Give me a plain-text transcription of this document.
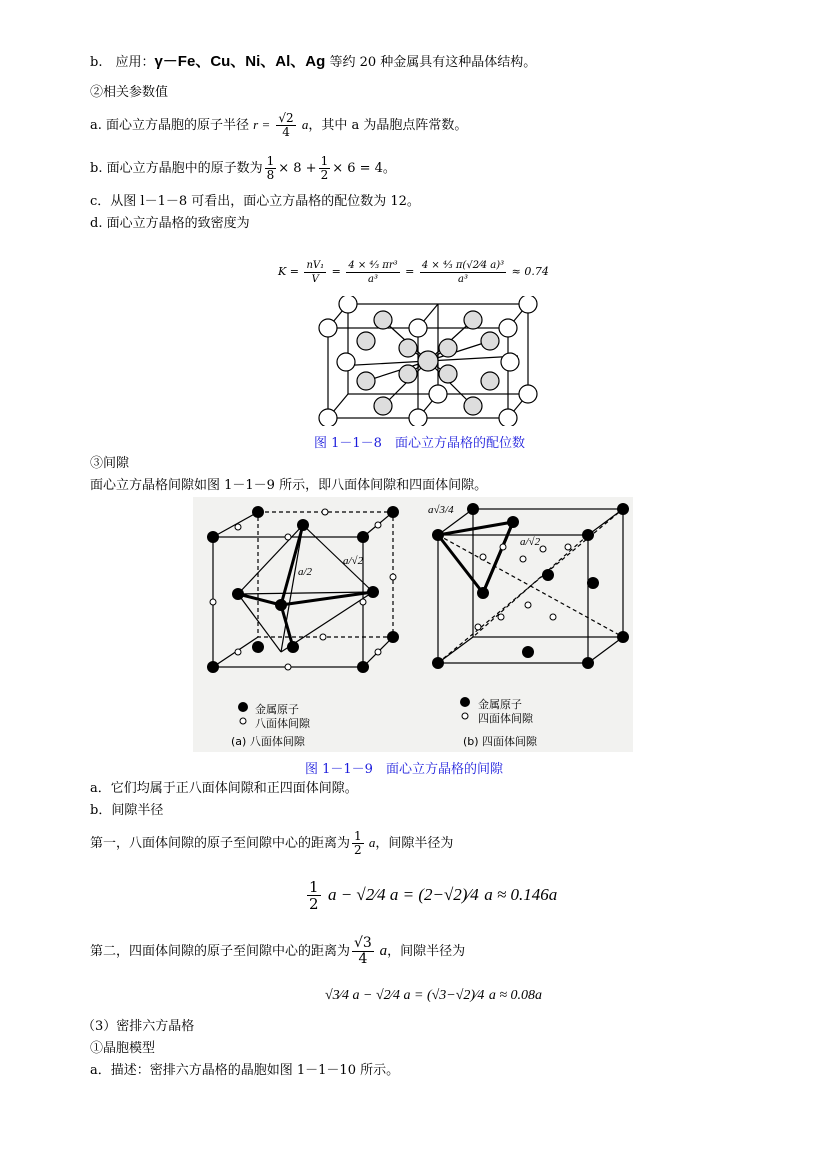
b.　应用：γ－Fe、Cu、Ni、Al、Ag 等约 20 种金属具有这种晶体结构。
②相关参数值
a. 面心立方晶胞的原子半径 $r = \frac{√2}{4}$ a，其中 a 为晶胞点阵常数。
b. 面心立方晶胞中的原子数为 $\frac{1}{8} \times 8 + \frac{1}{2} \times 6 = 4$。
c．从图 l－1－8 可看出，面心立方晶格的配位数为 12。
d. 面心立方晶格的致密度为
$K = \frac{\text{nV₁}}{V} = \frac{\text{4 × ⁴⁄₃ πr³}}{\text{a³}} = \frac{\text{4 × ⁴⁄₃ π(√2⁄4 a)³}}{\text{a³}} \approx 0.74$
图 1－1－8　面心立方晶格的配位数
③间隙
面心立方晶格间隙如图 1－1－9 所示，即八面体间隙和四面体间隙。
a/2
a/√2
金属原子
八面体间隙
(a) 八面体间隙
a√3/4
a/√2
金属原子
四面体间隙
(b) 四面体间隙
图 1－1－9　面心立方晶格的间隙
a．它们均属于正八面体间隙和正四面体间隙。
b．间隙半径
第一，八面体间隙的原子至间隙中心的距离为 $\frac{1}{2}$ a，间隙半径为
$\frac{1}{2}$ a − √2⁄4 a = (2−√2)⁄4 a ≈ 0.146a
第二，四面体间隙的原子至间隙中心的距离为 $\frac{√3}{4}$ a，间隙半径为
√3⁄4 a − √2⁄4 a = (√3−√2)⁄4 a ≈ 0.08a
（3）密排六方晶格
①晶胞模型
a．描述：密排六方晶格的晶胞如图 1－1－10 所示。
